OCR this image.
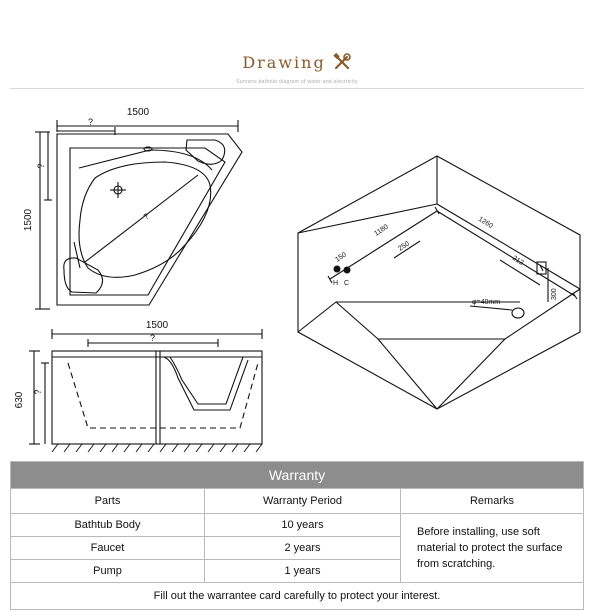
Drawing
Sunrans bathtub diagram of water and electricity
1500
?
1500
?
?
1500
?
630 ?
H C
150
250
1180
1260
212
300
φ=40mm
Warranty		
Parts	Warranty Period	Remarks
Bathtub Body	10 years	Before installing, use soft material to protect the surface from scratching.
Faucet	2 years	
Pump	1 years	
Fill out the warrantee card carefully to protect your interest.		
